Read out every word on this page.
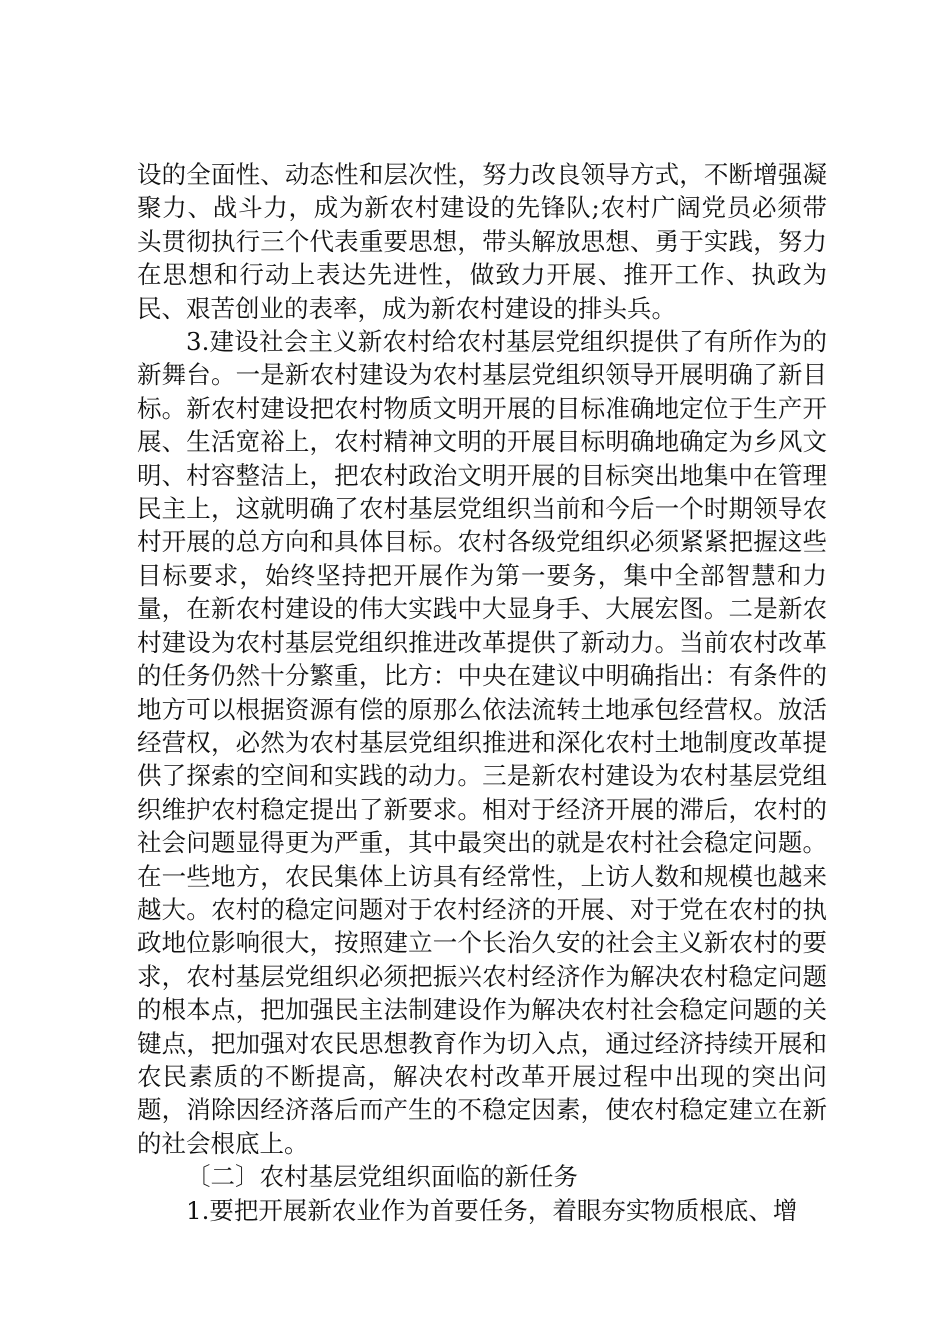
设的全面性、动态性和层次性，努力改良领导方式，不断增强凝聚力、战斗力，成为新农村建设的先锋队;农村广阔党员必须带头贯彻执行三个代表重要思想，带头解放思想、勇于实践，努力在思想和行动上表达先进性，做致力开展、推开工作、执政为民、艰苦创业的表率，成为新农村建设的排头兵。

3.建设社会主义新农村给农村基层党组织提供了有所作为的新舞台。一是新农村建设为农村基层党组织领导开展明确了新目标。新农村建设把农村物质文明开展的目标准确地定位于生产开展、生活宽裕上，农村精神文明的开展目标明确地确定为乡风文明、村容整洁上，把农村政治文明开展的目标突出地集中在管理民主上，这就明确了农村基层党组织当前和今后一个时期领导农村开展的总方向和具体目标。农村各级党组织必须紧紧把握这些目标要求，始终坚持把开展作为第一要务，集中全部智慧和力量，在新农村建设的伟大实践中大显身手、大展宏图。二是新农村建设为农村基层党组织推进改革提供了新动力。当前农村改革的任务仍然十分繁重，比方：中央在建议中明确指出：有条件的地方可以根据资源有偿的原那么依法流转土地承包经营权。放活经营权，必然为农村基层党组织推进和深化农村土地制度改革提供了探索的空间和实践的动力。三是新农村建设为农村基层党组织维护农村稳定提出了新要求。相对于经济开展的滞后，农村的社会问题显得更为严重，其中最突出的就是农村社会稳定问题。在一些地方，农民集体上访具有经常性，上访人数和规模也越来越大。农村的稳定问题对于农村经济的开展、对于党在农村的执政地位影响很大，按照建立一个长治久安的社会主义新农村的要求，农村基层党组织必须把振兴农村经济作为解决农村稳定问题的根本点，把加强民主法制建设作为解决农村社会稳定问题的关键点，把加强对农民思想教育作为切入点，通过经济持续开展和农民素质的不断提高，解决农村改革开展过程中出现的突出问题，消除因经济落后而产生的不稳定因素，使农村稳定建立在新的社会根底上。

〔二〕农村基层党组织面临的新任务

1.要把开展新农业作为首要任务，着眼夯实物质根底、增
